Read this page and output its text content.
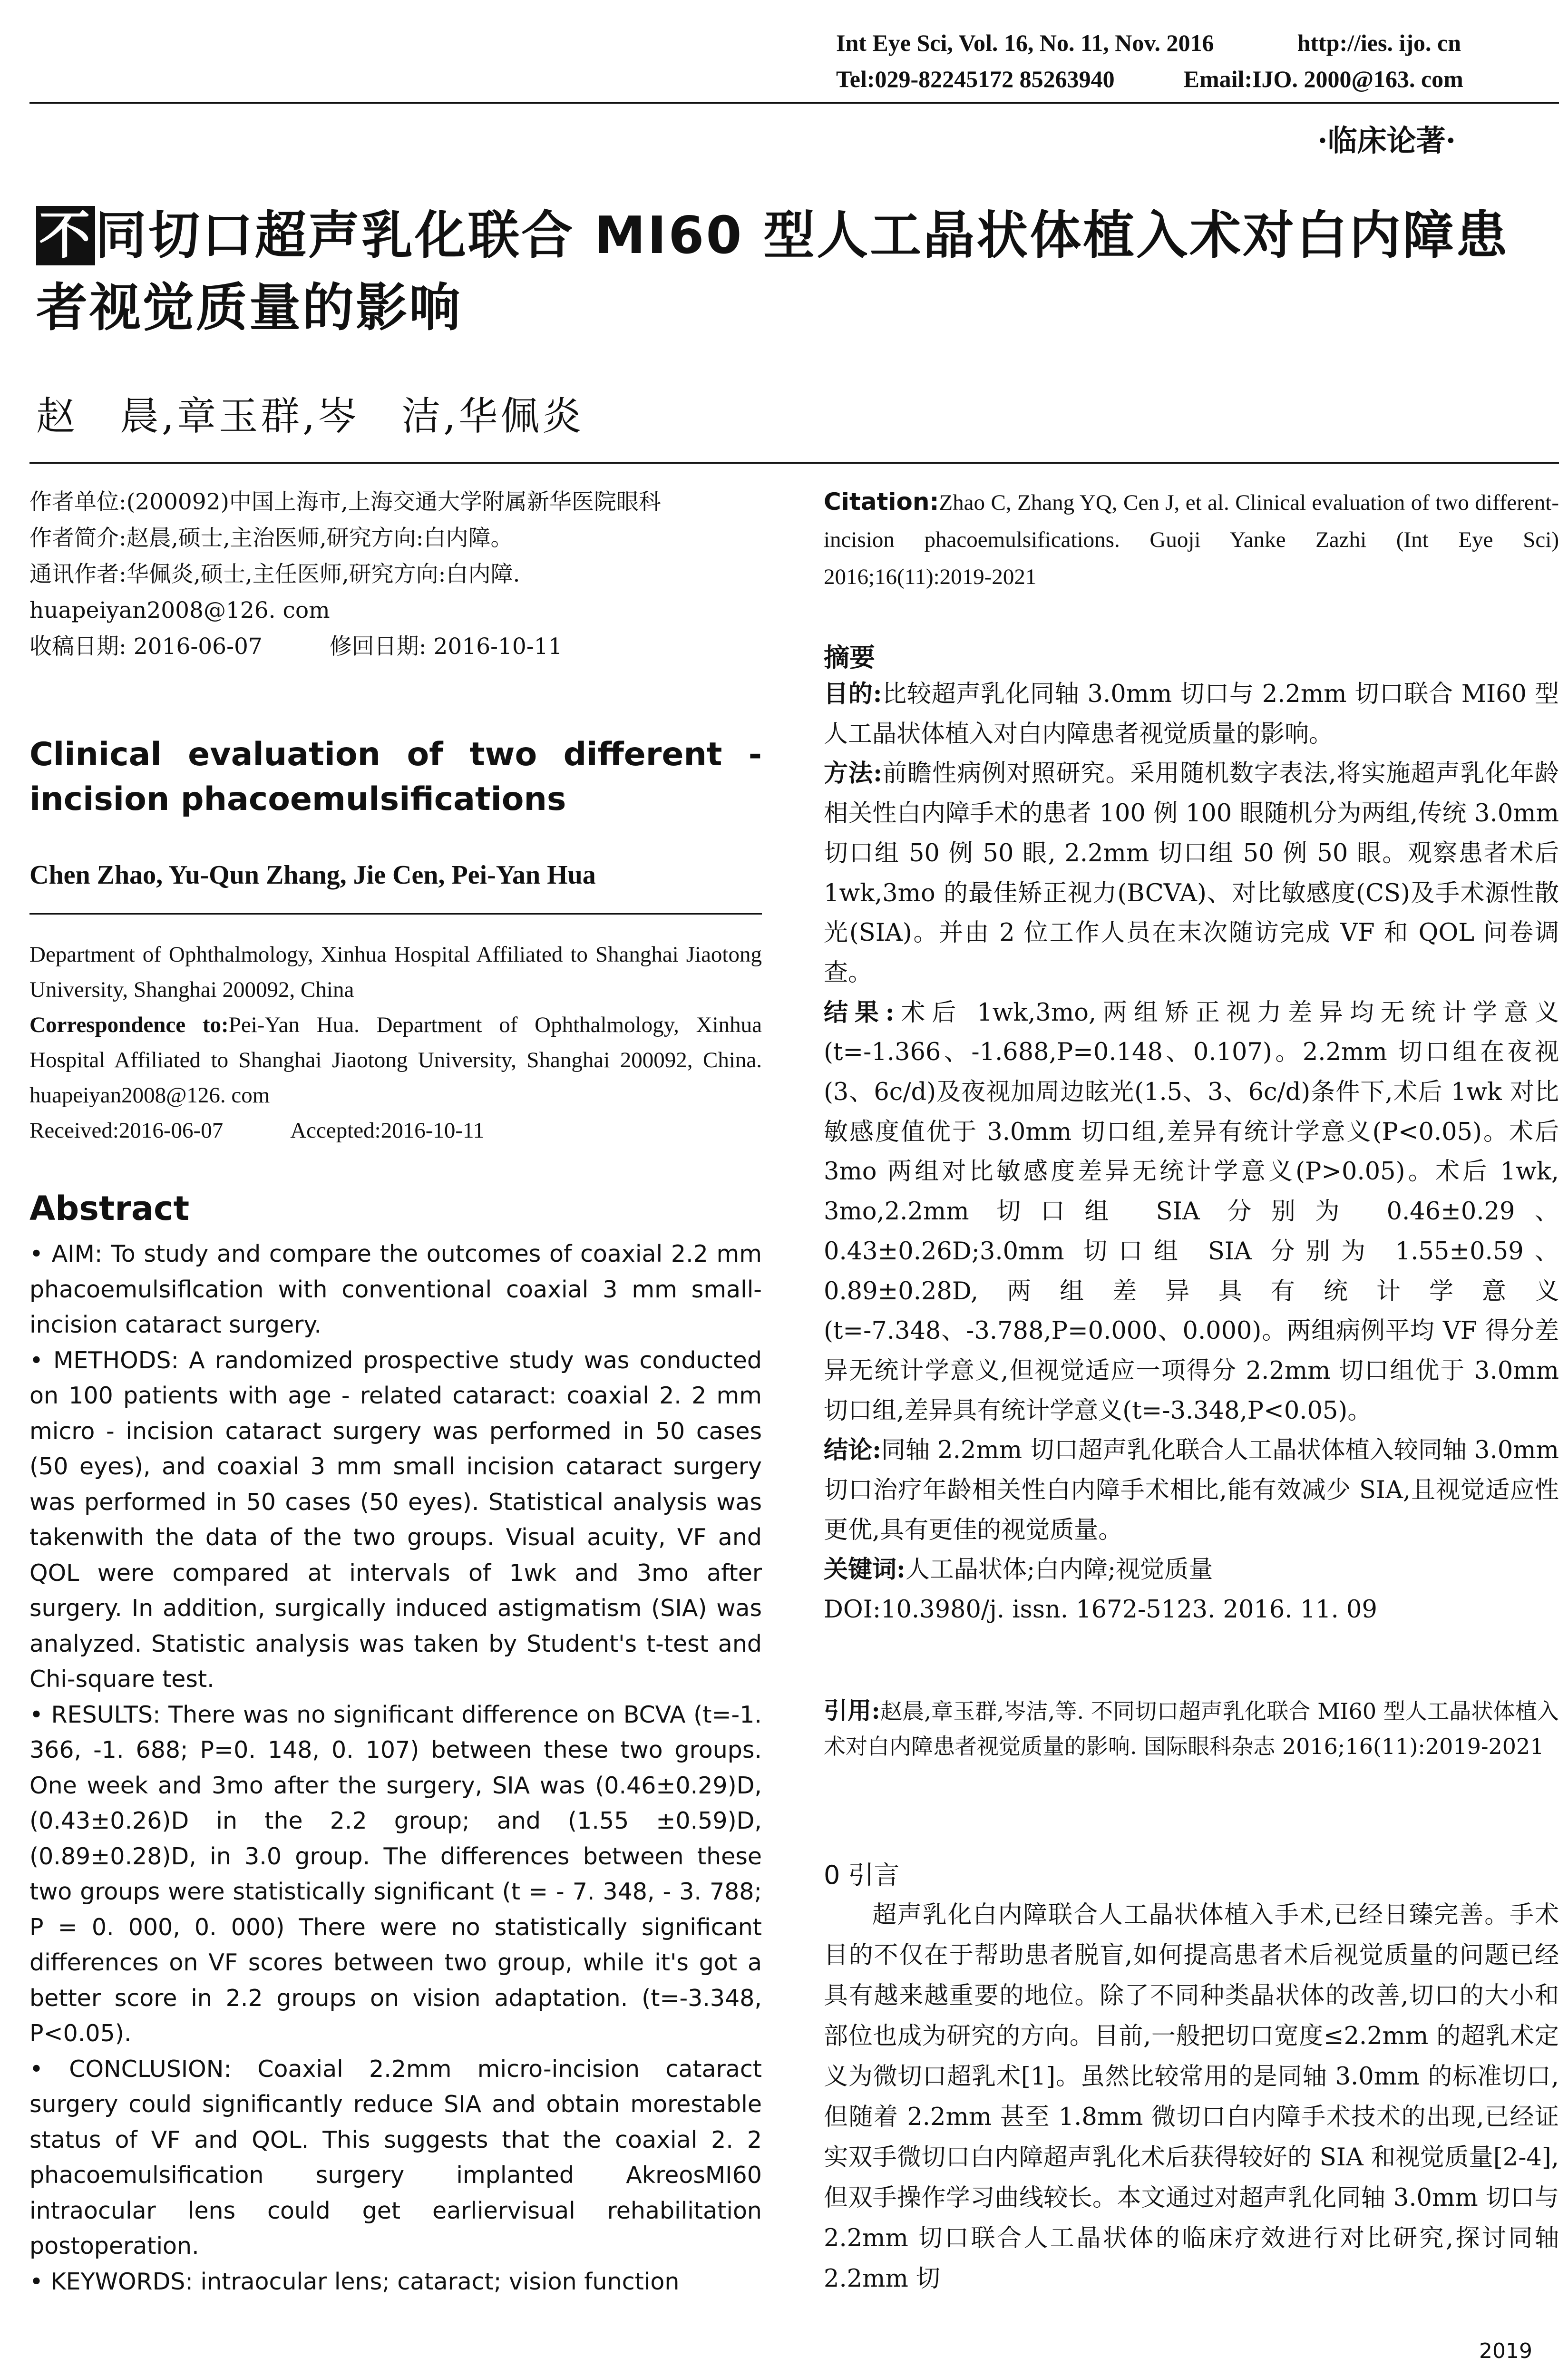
Int Eye Sci, Vol. 16, No. 11, Nov. 2016	http://ies. ijo. cn
Tel:029-82245172 85263940	Email:IJO. 2000@163. com
·临床论著·
不同切口超声乳化联合 MI60 型人工晶状体植入术对白内障患者视觉质量的影响
赵　晨,章玉群,岑　洁,华佩炎

作者单位:(200092)中国上海市,上海交通大学附属新华医院眼科

作者简介:赵晨,硕士,主治医师,研究方向:白内障。

通讯作者:华佩炎,硕士,主任医师,研究方向:白内障. huapeiyan2008@126. com

收稿日期: 2016-06-07　　　修回日期: 2016-10-11

Clinical evaluation of two different - incision phacoemulsifications
Chen Zhao, Yu-Qun Zhang, Jie Cen, Pei-Yan Hua

Department of Ophthalmology, Xinhua Hospital Affiliated to Shanghai Jiaotong University, Shanghai 200092, China

Correspondence to:Pei-Yan Hua. Department of Ophthalmology, Xinhua Hospital Affiliated to Shanghai Jiaotong University, Shanghai 200092, China. huapeiyan2008@126. com

Received:2016-06-07　　　Accepted:2016-10-11

Abstract

• AIM: To study and compare the outcomes of coaxial 2.2 mm phacoemulsiflcation with conventional coaxial 3 mm small-incision cataract surgery.

• METHODS: A randomized prospective study was conducted on 100 patients with age - related cataract: coaxial 2. 2 mm micro - incision cataract surgery was performed in 50 cases (50 eyes), and coaxial 3 mm small incision cataract surgery was performed in 50 cases (50 eyes). Statistical analysis was takenwith the data of the two groups. Visual acuity, VF and QOL were compared at intervals of 1wk and 3mo after surgery. In addition, surgically induced astigmatism (SIA) was analyzed. Statistic analysis was taken by Student's t-test and Chi-square test.

• RESULTS: There was no significant difference on BCVA (t=-1. 366, -1. 688; P=0. 148, 0. 107) between these two groups. One week and 3mo after the surgery, SIA was (0.46±0.29)D, (0.43±0.26)D in the 2.2 group; and (1.55 ±0.59)D, (0.89±0.28)D, in 3.0 group. The differences between these two groups were statistically significant (t = - 7. 348, - 3. 788; P = 0. 000, 0. 000) There were no statistically significant differences on VF scores between two group, while it's got a better score in 2.2 groups on vision adaptation. (t=-3.348, P<0.05).

• CONCLUSION: Coaxial 2.2mm micro-incision cataract surgery could significantly reduce SIA and obtain morestable status of VF and QOL. This suggests that the coaxial 2. 2 phacoemulsification surgery implanted AkreosMI60 intraocular lens could get earliervisual rehabilitation postoperation.

• KEYWORDS: intraocular lens; cataract; vision function

Citation:Zhao C, Zhang YQ, Cen J, et al. Clinical evaluation of two different-incision phacoemulsifications. Guoji Yanke Zazhi (Int Eye Sci) 2016;16(11):2019-2021
摘要

目的:比较超声乳化同轴 3.0mm 切口与 2.2mm 切口联合 MI60 型人工晶状体植入对白内障患者视觉质量的影响。

方法:前瞻性病例对照研究。采用随机数字表法,将实施超声乳化年龄相关性白内障手术的患者 100 例 100 眼随机分为两组,传统 3.0mm 切口组 50 例 50 眼, 2.2mm 切口组 50 例 50 眼。观察患者术后 1wk,3mo 的最佳矫正视力(BCVA)、对比敏感度(CS)及手术源性散光(SIA)。并由 2 位工作人员在末次随访完成 VF 和 QOL 问卷调查。

结果:术后 1wk,3mo,两组矫正视力差异均无统计学意义(t=-1.366、-1.688,P=0.148、0.107)。2.2mm 切口组在夜视(3、6c/d)及夜视加周边眩光(1.5、3、6c/d)条件下,术后 1wk 对比敏感度值优于 3.0mm 切口组,差异有统计学意义(P<0.05)。术后 3mo 两组对比敏感度差异无统计学意义(P>0.05)。术后 1wk, 3mo,2.2mm 切口组 SIA 分别为 0.46±0.29、0.43±0.26D;3.0mm 切口组 SIA 分别为 1.55±0.59、0.89±0.28D,两组差异具有统计学意义(t=-7.348、-3.788,P=0.000、0.000)。两组病例平均 VF 得分差异无统计学意义,但视觉适应一项得分 2.2mm 切口组优于 3.0mm 切口组,差异具有统计学意义(t=-3.348,P<0.05)。

结论:同轴 2.2mm 切口超声乳化联合人工晶状体植入较同轴 3.0mm 切口治疗年龄相关性白内障手术相比,能有效减少 SIA,且视觉适应性更优,具有更佳的视觉质量。

关键词:人工晶状体;白内障;视觉质量

DOI:10.3980/j. issn. 1672-5123. 2016. 11. 09

引用:赵晨,章玉群,岑洁,等. 不同切口超声乳化联合 MI60 型人工晶状体植入术对白内障患者视觉质量的影响. 国际眼科杂志 2016;16(11):2019-2021
0 引言
超声乳化白内障联合人工晶状体植入手术,已经日臻完善。手术目的不仅在于帮助患者脱盲,如何提高患者术后视觉质量的问题已经具有越来越重要的地位。除了不同种类晶状体的改善,切口的大小和部位也成为研究的方向。目前,一般把切口宽度≤2.2mm 的超乳术定义为微切口超乳术[1]。虽然比较常用的是同轴 3.0mm 的标准切口,但随着 2.2mm 甚至 1.8mm 微切口白内障手术技术的出现,已经证实双手微切口白内障超声乳化术后获得较好的 SIA 和视觉质量[2-4],但双手操作学习曲线较长。本文通过对超声乳化同轴 3.0mm 切口与 2.2mm 切口联合人工晶状体的临床疗效进行对比研究,探讨同轴 2.2mm 切
2019
